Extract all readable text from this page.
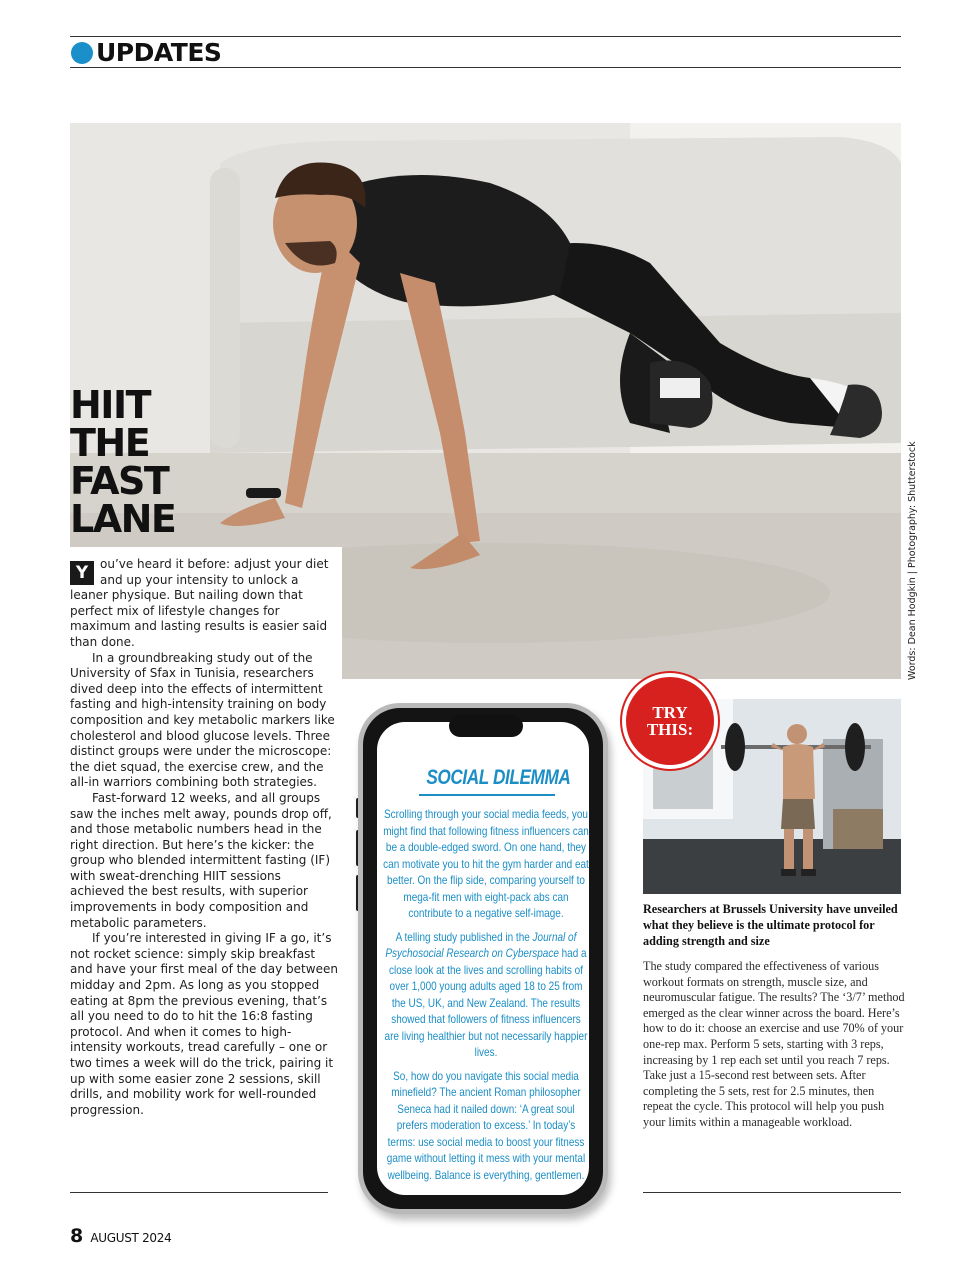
UPDATES
Words: Dean Hodgkin | Photography: Shutterstock
HIIT
THE
FAST
LANE

Y ou’ve heard it before: adjust your diet and up your intensity to unlock a leaner physique. But nailing down that perfect mix of lifestyle changes for maximum and lasting results is easier said than done.

In a groundbreaking study out of the University of Sfax in Tunisia, researchers dived deep into the effects of intermittent fasting and high-intensity training on body composition and key metabolic markers like cholesterol and blood glucose levels. Three distinct groups were under the microscope: the diet squad, the exercise crew, and the all-in warriors combining both strategies.

Fast-forward 12 weeks, and all groups saw the inches melt away, pounds drop off, and those metabolic numbers head in the right direction. But here’s the kicker: the group who blended intermittent fasting (IF) with sweat-drenching HIIT sessions achieved the best results, with superior improvements in body composition and metabolic parameters.

If you’re interested in giving IF a go, it’s not rocket science: simply skip breakfast and have your first meal of the day between midday and 2pm. As long as you stopped eating at 8pm the previous evening, that’s all you need to do to hit the 16:8 fasting protocol. And when it comes to high-intensity workouts, tread carefully – one or two times a week will do the trick, pairing it up with some easier zone 2 sessions, skill drills, and mobility work for well-rounded progression.

SOCIAL DILEMMA

Scrolling through your social media feeds, you might find that following fitness influencers can be a double-edged sword. On one hand, they can motivate you to hit the gym harder and eat better. On the flip side, comparing yourself to mega-fit men with eight-pack abs can contribute to a negative self-image.

A telling study published in the Journal of Psychosocial Research on Cyberspace had a close look at the lives and scrolling habits of over 1,000 young adults aged 18 to 25 from the US, UK, and New Zealand. The results showed that followers of fitness influencers are living healthier but not necessarily happier lives.

So, how do you navigate this social media minefield? The ancient Roman philosopher Seneca had it nailed down: ‘A great soul prefers moderation to excess.’ In today’s terms: use social media to boost your fitness game without letting it mess with your mental wellbeing. Balance is everything, gentlemen.

TRY
THIS:
Researchers at Brussels University have unveiled what they believe is the ultimate protocol for adding strength and size
The study compared the effectiveness of various workout formats on strength, muscle size, and neuromuscular fatigue. The results? The ‘3/7’ method emerged as the clear winner across the board. Here’s how to do it: choose an exercise and use 70% of your one-rep max. Perform 5 sets, starting with 3 reps, increasing by 1 rep each set until you reach 7 reps. Take just a 15-second rest between sets. After completing the 5 sets, rest for 2.5 minutes, then repeat the cycle. This protocol will help you push your limits within a manageable workload.
8 AUGUST 2024
